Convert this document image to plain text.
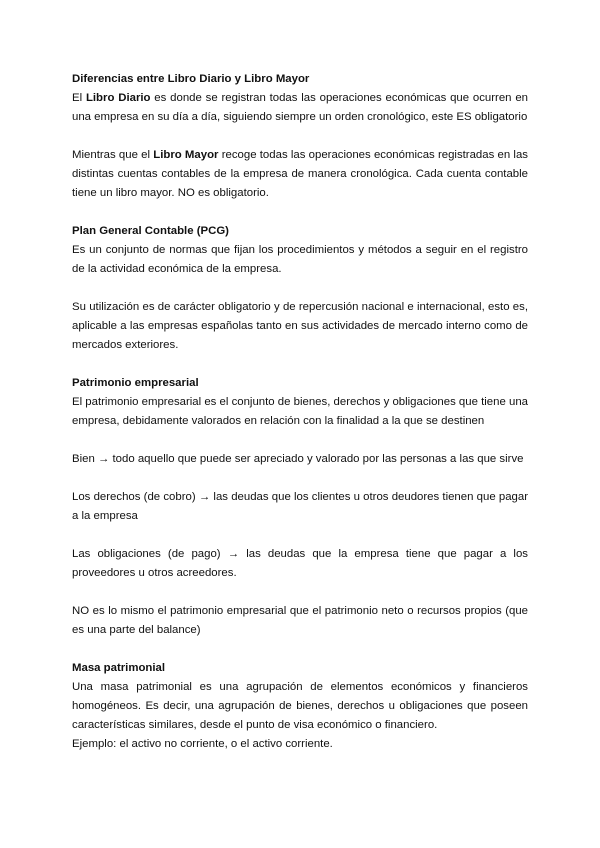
Diferencias entre Libro Diario y Libro Mayor

El Libro Diario es donde se registran todas las operaciones económicas que ocurren en una empresa en su día a día, siguiendo siempre un orden cronológico, este ES obligatorio

Mientras que el Libro Mayor recoge todas las operaciones económicas registradas en las distintas cuentas contables de la empresa de manera cronológica. Cada cuenta contable tiene un libro mayor. NO es obligatorio.

Plan General Contable (PCG)

Es un conjunto de normas que fijan los procedimientos y métodos a seguir en el registro de la actividad económica de la empresa.

Su utilización es de carácter obligatorio y de repercusión nacional e internacional, esto es, aplicable a las empresas españolas tanto en sus actividades de mercado interno como de mercados exteriores.

Patrimonio empresarial

El patrimonio empresarial es el conjunto de bienes, derechos y obligaciones que tiene una empresa, debidamente valorados en relación con la finalidad a la que se destinen

Bien → todo aquello que puede ser apreciado y valorado por las personas a las que sirve

Los derechos (de cobro) → las deudas que los clientes u otros deudores tienen que pagar a la empresa

Las obligaciones (de pago) → las deudas que la empresa tiene que pagar a los proveedores u otros acreedores.

NO es lo mismo el patrimonio empresarial que el patrimonio neto o recursos propios (que es una parte del balance)

Masa patrimonial

Una masa patrimonial es una agrupación de elementos económicos y financieros homogéneos. Es decir, una agrupación de bienes, derechos u obligaciones que poseen características similares, desde el punto de visa económico o financiero.

Ejemplo: el activo no corriente, o el activo corriente.
